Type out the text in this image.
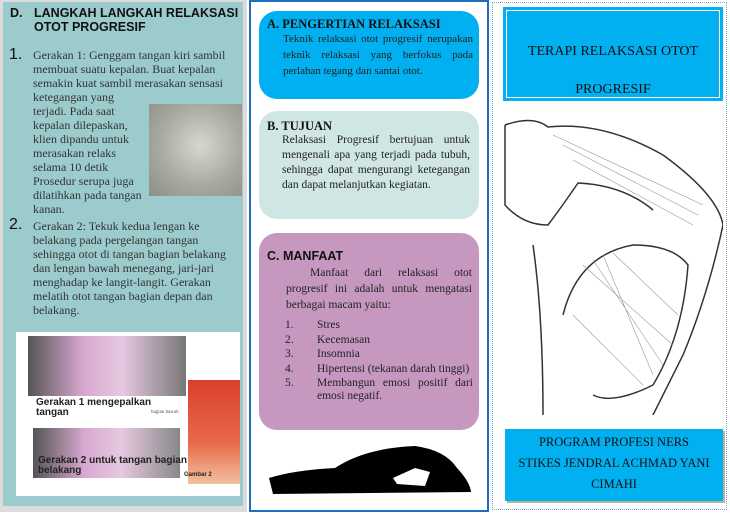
D. LANGKAH LANGKAH RELAKSASI OTOT PROGRESIF
1. Gerakan 1: Genggam tangan kiri sambil
membuat suatu kepalan. Buat kepalan
semakin kuat sambil merasakan sensasi
ketegangan yang
terjadi. Pada saat
kepalan dilepaskan,
klien dipandu untuk
merasakan relaks
selama 10 detik
Prosedur serupa juga
dilatihkan pada tangan
kanan.
2. Gerakan 2: Tekuk kedua lengan ke belakang pada pergelangan tangan sehingga otot di tangan bagian belakang dan lengan bawah menegang, jari-jari menghadap ke langit-langit. Gerakan melatih otot tangan bagian depan dan belakang.
Gerakan 1 mengepalkan tangan	bagian bawah
Gerakan 2 untuk tangan bagian belakang	Gambar 2
A. PENGERTIAN RELAKSASI
Teknik relaksasi otot progresif nerupakan teknik relaksasi yang berfokus pada perlahan tegang dan santai otot.
B. TUJUAN
Relaksasi Progresif bertujuan untuk mengenali apa yang terjadi pada tubuh, sehingga dapat mengurangi ketegangan dan dapat melanjutkan kegiatan.
C. MANFAAT
Manfaat dari relaksasi otot progresif ini adalah untuk mengatasi berbagai macam yaitu:
1. Stres
2. Kecemasan
3. Insomnia
4. Hipertensi (tekanan darah tinggi)
5. Membangun emosi positif dari emosi negatif.
TERAPI RELAKSASI OTOT
PROGRESIF
PROGRAM PROFESI NERS
STIKES JENDRAL ACHMAD YANI
CIMAHI
